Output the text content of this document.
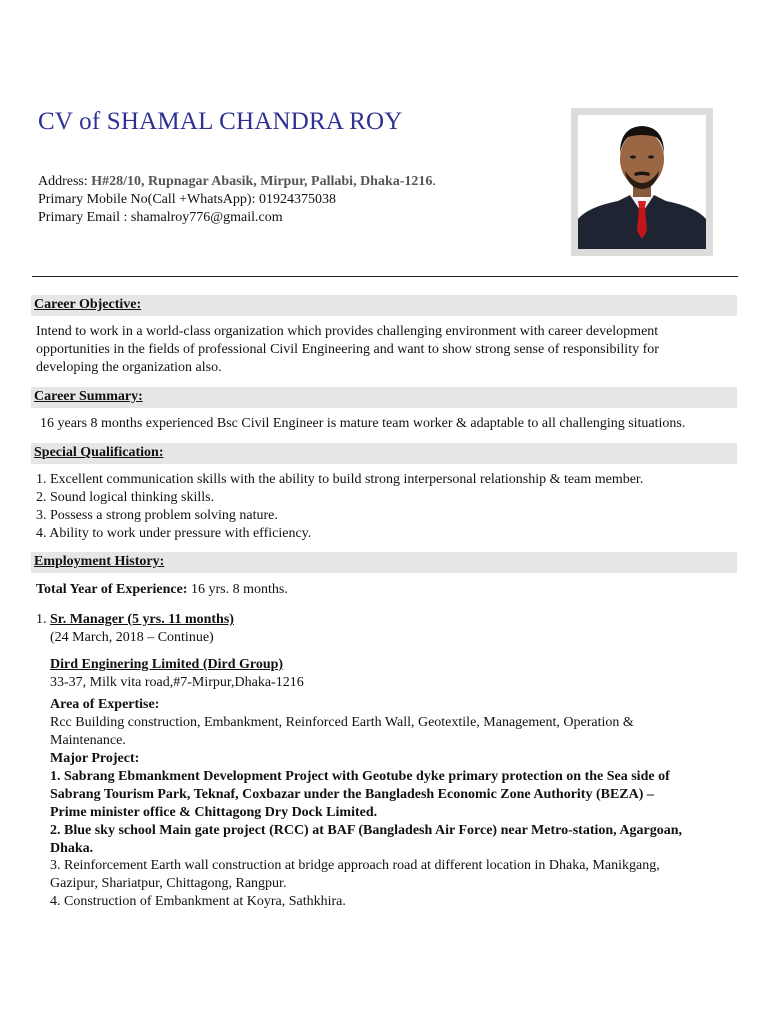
CV of SHAMAL CHANDRA ROY
Address: H#28/10, Rupnagar Abasik, Mirpur, Pallabi, Dhaka-1216.
Primary Mobile No(Call +WhatsApp): 01924375038
Primary Email : shamalroy776@gmail.com
Career Objective:
Intend to work in a world-class organization which provides challenging environment with career development
opportunities in the fields of professional Civil Engineering and want to show strong sense of responsibility for
developing the organization also.
Career Summary:
16 years 8 months experienced Bsc Civil Engineer is mature team worker & adaptable to all challenging situations.
Special Qualification:
1. Excellent communication skills with the ability to build strong interpersonal relationship & team member.
2. Sound logical thinking skills.
3. Possess a strong problem solving nature.
4. Ability to work under pressure with efficiency.
Employment History:
Total Year of Experience: 16 yrs. 8 months.
1. Sr. Manager (5 yrs. 11 months)
(24 March, 2018 – Continue)
Dird Enginering Limited (Dird Group)
33-37, Milk vita road,#7-Mirpur,Dhaka-1216
Area of Expertise:
Rcc Building construction, Embankment, Reinforced Earth Wall, Geotextile, Management, Operation &
Maintenance.
Major Project:
1. Sabrang Ebmankment Development Project with Geotube dyke primary protection on the Sea side of
Sabrang Tourism Park, Teknaf, Coxbazar under the Bangladesh Economic Zone Authority (BEZA) –
Prime minister office & Chittagong Dry Dock Limited.
2. Blue sky school Main gate project (RCC) at BAF (Bangladesh Air Force) near Metro-station, Agargoan,
Dhaka.
3. Reinforcement Earth wall construction at bridge approach road at different location in Dhaka, Manikgang,
Gazipur, Shariatpur, Chittagong, Rangpur.
4. Construction of Embankment at Koyra, Sathkhira.
